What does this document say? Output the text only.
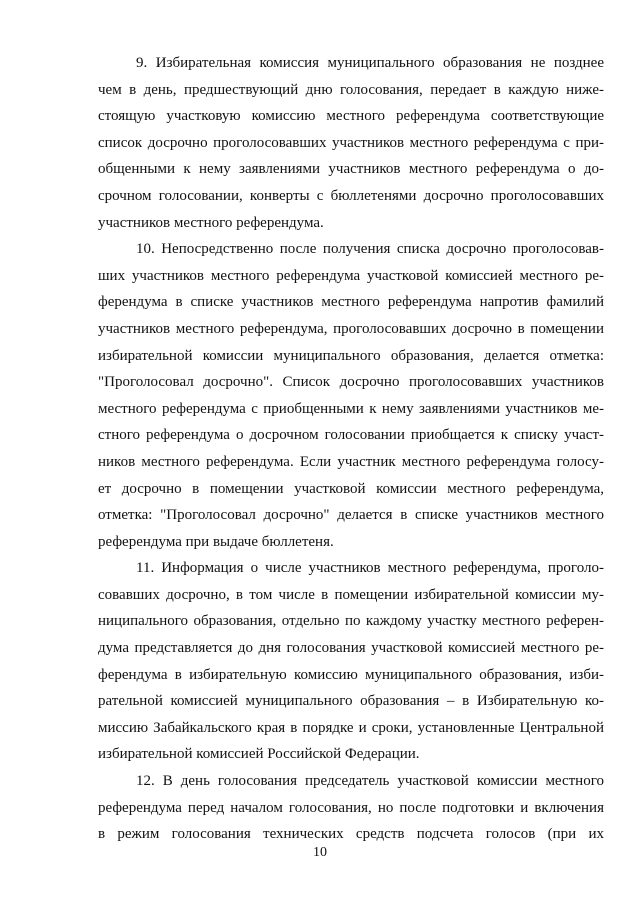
9. Избирательная комиссия муниципального образования не позднее
чем в день, предшествующий дню голосования, передает в каждую ниже-
стоящую участковую комиссию местного референдума соответствующие
список досрочно проголосовавших участников местного референдума с при-
общенными к нему заявлениями участников местного референдума о до-
срочном голосовании, конверты с бюллетенями досрочно проголосовавших
участников местного референдума.
10. Непосредственно после получения списка досрочно проголосовав-
ших участников местного референдума участковой комиссией местного ре-
ферендума в списке участников местного референдума напротив фамилий
участников местного референдума, проголосовавших досрочно в помещении
избирательной комиссии муниципального образования, делается отметка:
"Проголосовал досрочно". Список досрочно проголосовавших участников
местного референдума с приобщенными к нему заявлениями участников ме-
стного референдума о досрочном голосовании приобщается к списку участ-
ников местного референдума. Если участник местного референдума голосу-
ет досрочно в помещении участковой комиссии местного референдума,
отметка: "Проголосовал досрочно" делается в списке участников местного
референдума при выдаче бюллетеня.
11. Информация о числе участников местного референдума, проголо-
совавших досрочно, в том числе в помещении избирательной комиссии му-
ниципального образования, отдельно по каждому участку местного референ-
дума представляется до дня голосования участковой комиссией местного ре-
ферендума в избирательную комиссию муниципального образования, изби-
рательной комиссией муниципального образования – в Избирательную ко-
миссию Забайкальского края в порядке и сроки, установленные Центральной
избирательной комиссией Российской Федерации.
12. В день голосования председатель участковой комиссии местного
референдума перед началом голосования, но после подготовки и включения
в режим голосования технических средств подсчета голосов (при их
10
